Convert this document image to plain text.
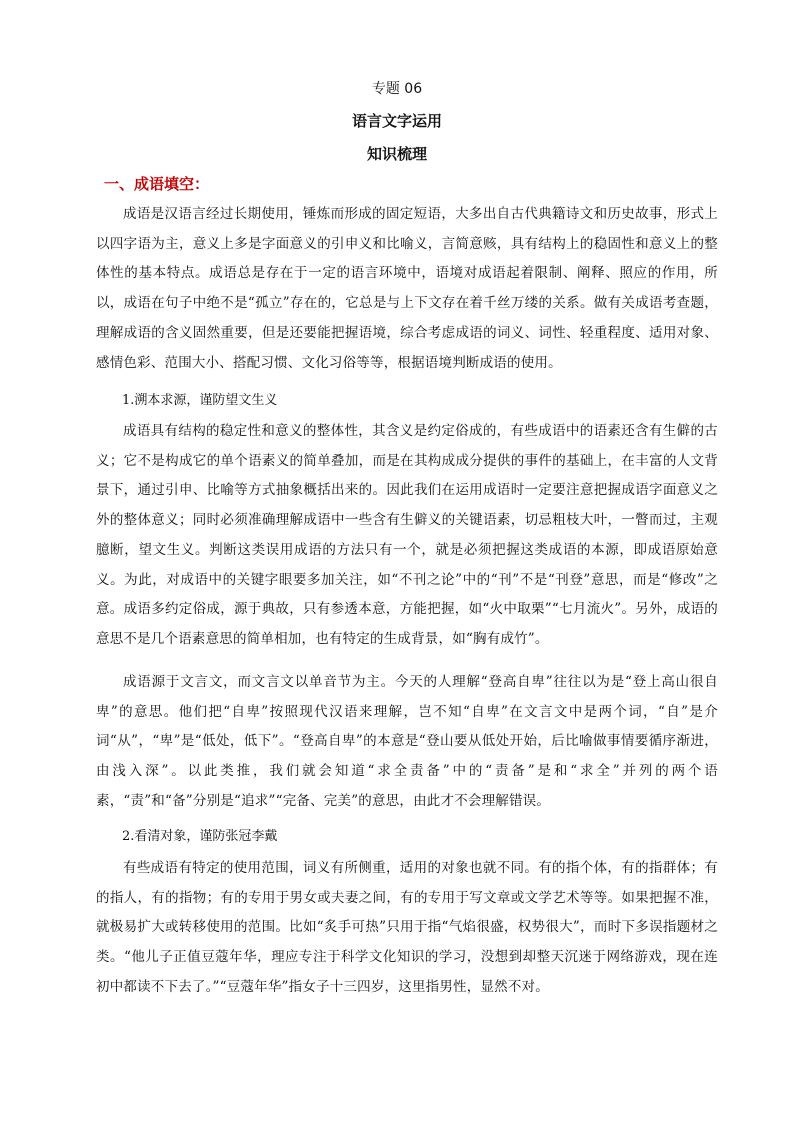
专题 06
语言文字运用
知识梳理
一、成语填空：

成语是汉语言经过长期使用，锤炼而形成的固定短语，大多出自古代典籍诗文和历史故事，形式上以四字语为主，意义上多是字面意义的引申义和比喻义，言简意赅，具有结构上的稳固性和意义上的整体性的基本特点。成语总是存在于一定的语言环境中，语境对成语起着限制、阐释、照应的作用，所以，成语在句子中绝不是“孤立”存在的，它总是与上下文存在着千丝万缕的关系。做有关成语考查题，理解成语的含义固然重要，但是还要能把握语境，综合考虑成语的词义、词性、轻重程度、适用对象、感情色彩、范围大小、搭配习惯、文化习俗等等，根据语境判断成语的使用。

1.溯本求源，谨防望文生义

成语具有结构的稳定性和意义的整体性，其含义是约定俗成的，有些成语中的语素还含有生僻的古义；它不是构成它的单个语素义的简单叠加，而是在其构成成分提供的事件的基础上，在丰富的人文背景下，通过引申、比喻等方式抽象概括出来的。因此我们在运用成语时一定要注意把握成语字面意义之外的整体意义；同时必须准确理解成语中一些含有生僻义的关键语素，切忌粗枝大叶，一瞥而过，主观臆断，望文生义。判断这类误用成语的方法只有一个，就是必须把握这类成语的本源，即成语原始意义。为此，对成语中的关键字眼要多加关注，如“不刊之论”中的“刊”不是“刊登”意思，而是“修改”之意。成语多约定俗成，源于典故，只有参透本意，方能把握，如“火中取栗”“七月流火”。另外，成语的意思不是几个语素意思的简单相加，也有特定的生成背景，如“胸有成竹”。

成语源于文言文，而文言文以单音节为主。今天的人理解“登高自卑”往往以为是“登上高山很自卑”的意思。他们把“自卑”按照现代汉语来理解，岂不知“自卑”在文言文中是两个词，“自”是介词“从”，“卑”是“低处，低下”。“登高自卑”的本意是“登山要从低处开始，后比喻做事情要循序渐进，由浅入深”。以此类推，我们就会知道“求全责备”中的“责备”是和“求全”并列的两个语素，“责”和“备”分别是“追求”“完备、完美”的意思，由此才不会理解错误。

2.看清对象，谨防张冠李戴

有些成语有特定的使用范围，词义有所侧重，适用的对象也就不同。有的指个体，有的指群体；有的指人，有的指物；有的专用于男女或夫妻之间，有的专用于写文章或文学艺术等等。如果把握不准，就极易扩大或转移使用的范围。比如“炙手可热”只用于指“气焰很盛，权势很大”，而时下多误指题材之类。“他儿子正值豆蔻年华，理应专注于科学文化知识的学习，没想到却整天沉迷于网络游戏，现在连初中都读不下去了。”“豆蔻年华”指女子十三四岁，这里指男性，显然不对。
